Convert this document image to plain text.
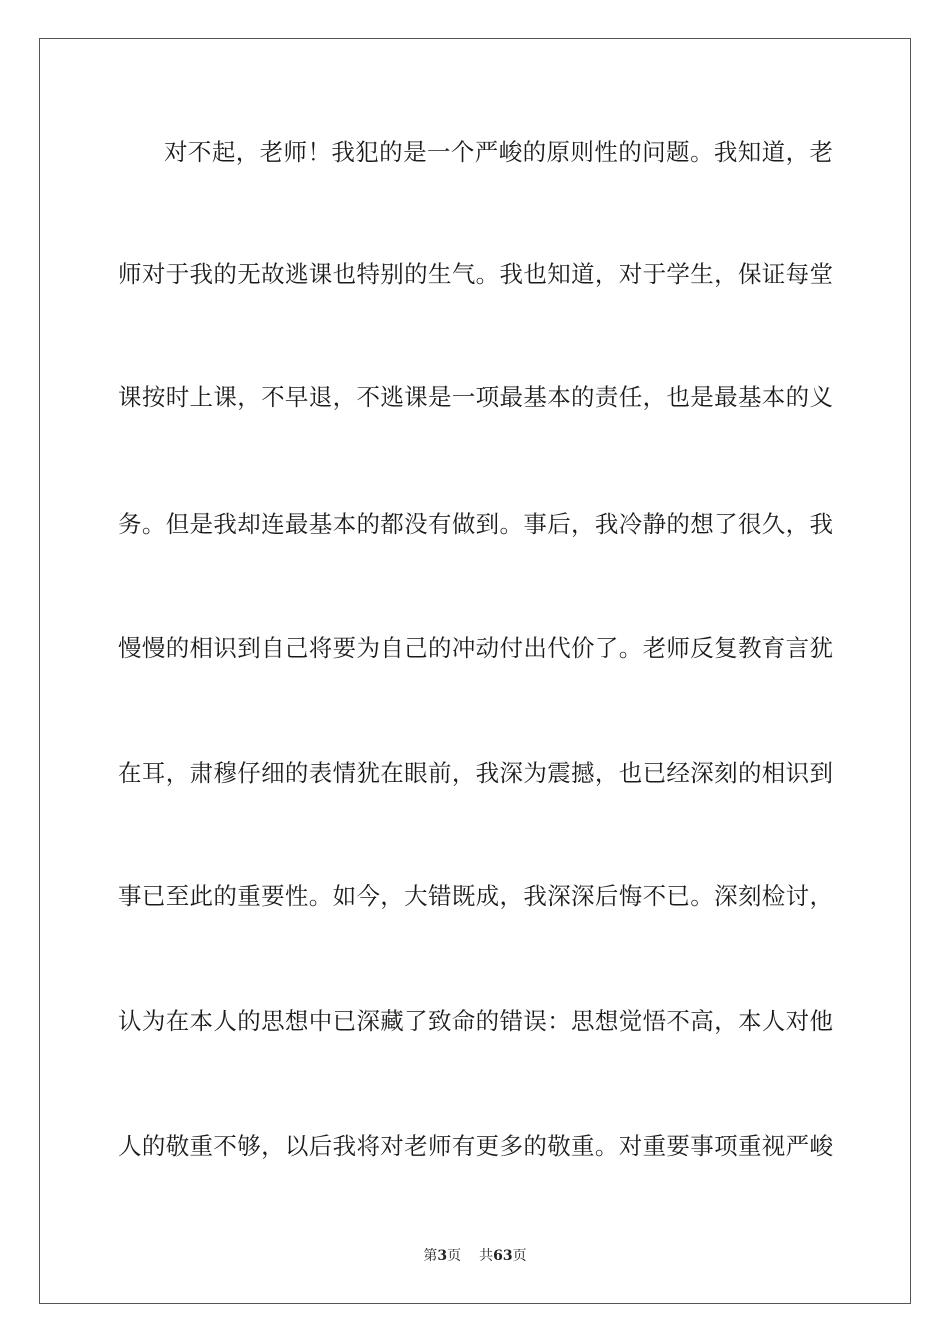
对不起，老师！我犯的是一个严峻的原则性的问题。我知道，老
师对于我的无故逃课也特别的生气。我也知道，对于学生，保证每堂
课按时上课，不早退，不逃课是一项最基本的责任，也是最基本的义
务。但是我却连最基本的都没有做到。事后，我冷静的想了很久，我
慢慢的相识到自己将要为自己的冲动付出代价了。老师反复教育言犹
在耳，肃穆仔细的表情犹在眼前，我深为震撼，也已经深刻的相识到
事已至此的重要性。如今，大错既成，我深深后悔不已。深刻检讨，
认为在本人的思想中已深藏了致命的错误：思想觉悟不高，本人对他
人的敬重不够，以后我将对老师有更多的敬重。对重要事项重视严峻
第3页 共63页
